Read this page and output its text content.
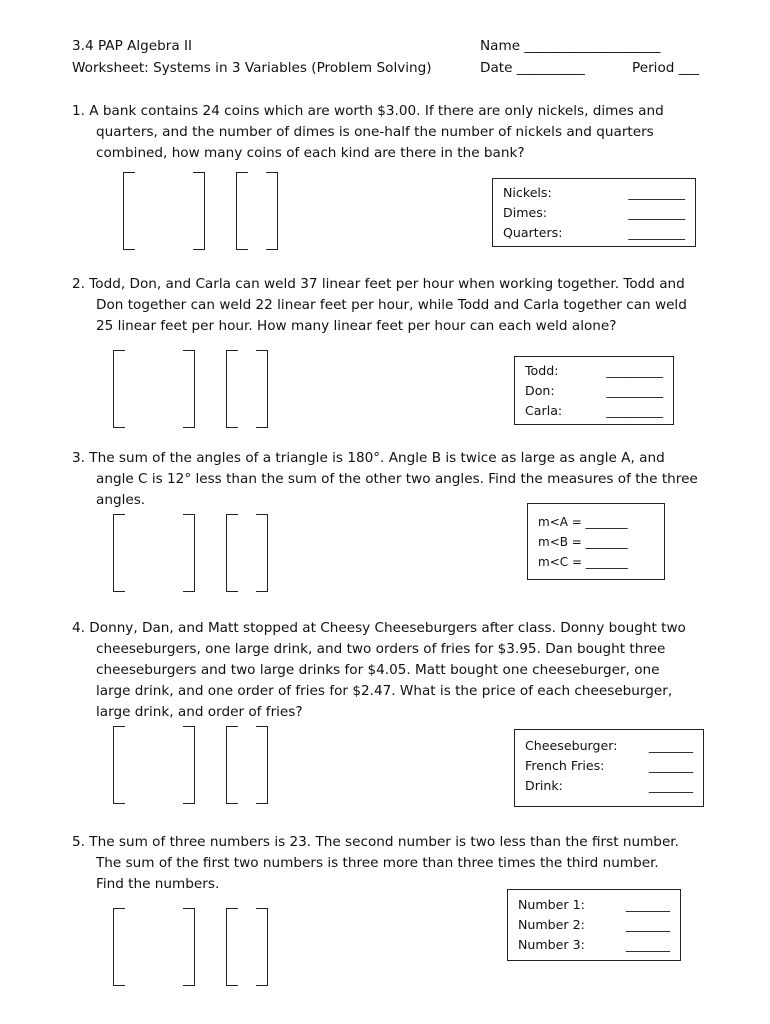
3.4 PAP Algebra II
Worksheet: Systems in 3 Variables (Problem Solving)
Name ____________________
Date __________	Period ___
1. A bank contains 24 coins which are worth $3.00. If there are only nickels, dimes and
quarters, and the number of dimes is one-half the number of nickels and quarters
combined, how many coins of each kind are there in the bank?
Nickels:	_________
Dimes:	_________
Quarters:	_________
2. Todd, Don, and Carla can weld 37 linear feet per hour when working together. Todd and
Don together can weld 22 linear feet per hour, while Todd and Carla together can weld
25 linear feet per hour. How many linear feet per hour can each weld alone?
Todd:	_________
Don:	_________
Carla:	_________
3. The sum of the angles of a triangle is 180°. Angle B is twice as large as angle A, and
angle C is 12° less than the sum of the other two angles. Find the measures of the three
angles.
m<A = _______
m<B = _______
m<C = _______
4. Donny, Dan, and Matt stopped at Cheesy Cheeseburgers after class. Donny bought two
cheeseburgers, one large drink, and two orders of fries for $3.95. Dan bought three
cheeseburgers and two large drinks for $4.05. Matt bought one cheeseburger, one
large drink, and one order of fries for $2.47. What is the price of each cheeseburger,
large drink, and order of fries?
Cheeseburger: _______
French Fries:	_______
Drink:	_______
5. The sum of three numbers is 23. The second number is two less than the first number.
The sum of the first two numbers is three more than three times the third number.
Find the numbers.
Number 1:	_______
Number 2:	_______
Number 3:	_______
